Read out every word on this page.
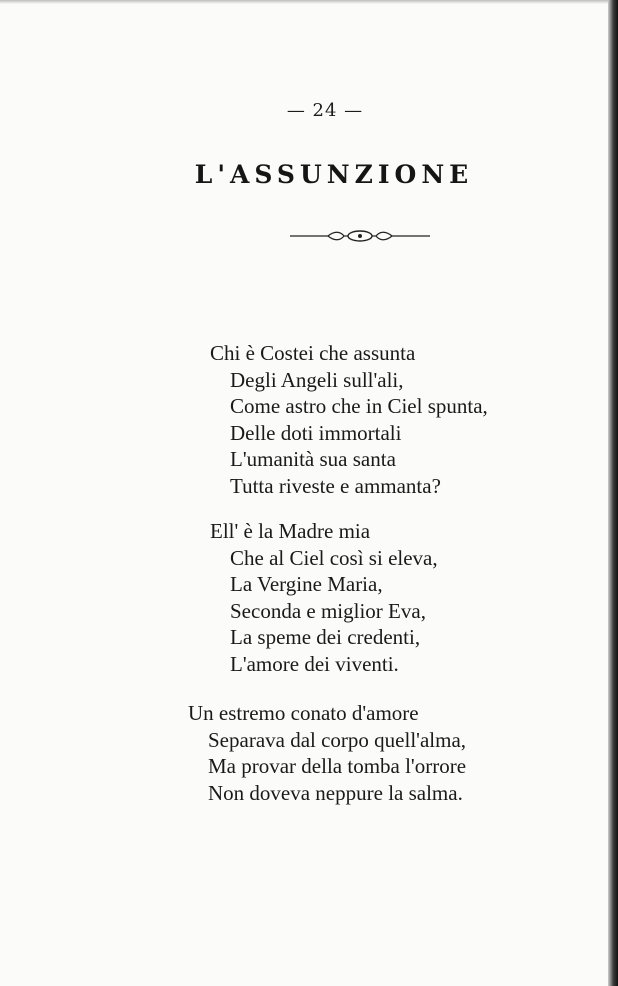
— 24 —
L'ASSUNZIONE
Chi è Costei che assunta
Degli Angeli sull'ali,
Come astro che in Ciel spunta,
Delle doti immortali
L'umanità sua santa
Tutta riveste e ammanta?
Ell' è la Madre mia
Che al Ciel così si eleva,
La Vergine Maria,
Seconda e miglior Eva,
La speme dei credenti,
L'amore dei viventi.
Un estremo conato d'amore
Separava dal corpo quell'alma,
Ma provar della tomba l'orrore
Non doveva neppure la salma.
